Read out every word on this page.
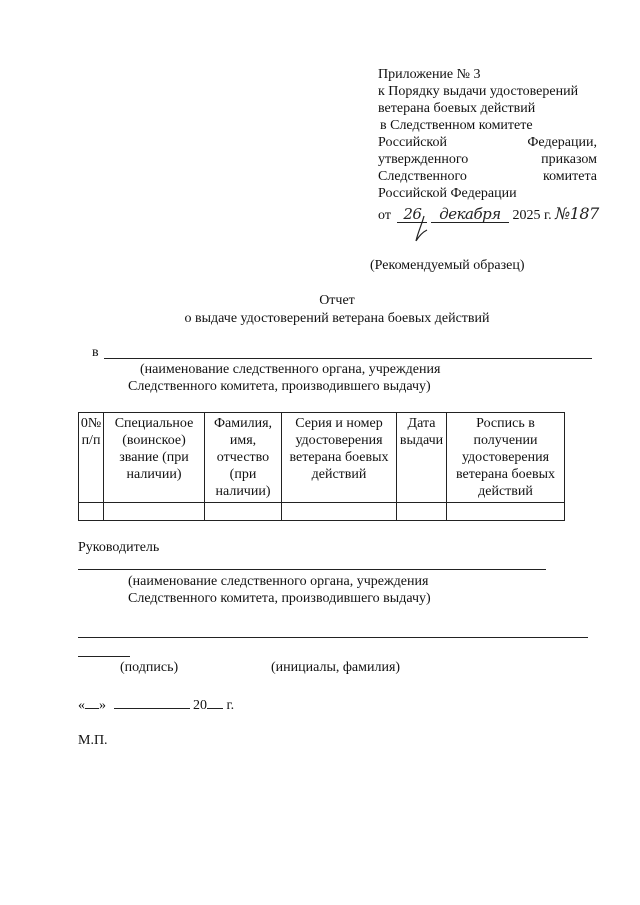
Приложение № 3
к Порядку выдачи удостоверений
ветерана боевых действий
в Следственном комитете
Российской	Федерации,
утвержденного	приказом
Следственного	комитета
Российской Федерации
от 26 декабря 2025 г. №187
(Рекомендуемый образец)
Отчет
о выдаче удостоверений ветерана боевых действий
в
(наименование следственного органа, учреждения
Следственного комитета, производившего выдачу)
0№ п/п	Специальное (воинское) звание (при наличии)	Фамилия, имя, отчество (при наличии)	Серия и номер удостоверения ветерана боевых действий	Дата выдачи	Роспись в получении удостоверения ветерана боевых действий

Руководитель
(наименование следственного органа, учреждения
Следственного комитета, производившего выдачу)
(подпись)	(инициалы, фамилия)
« »	20 г.
М.П.
